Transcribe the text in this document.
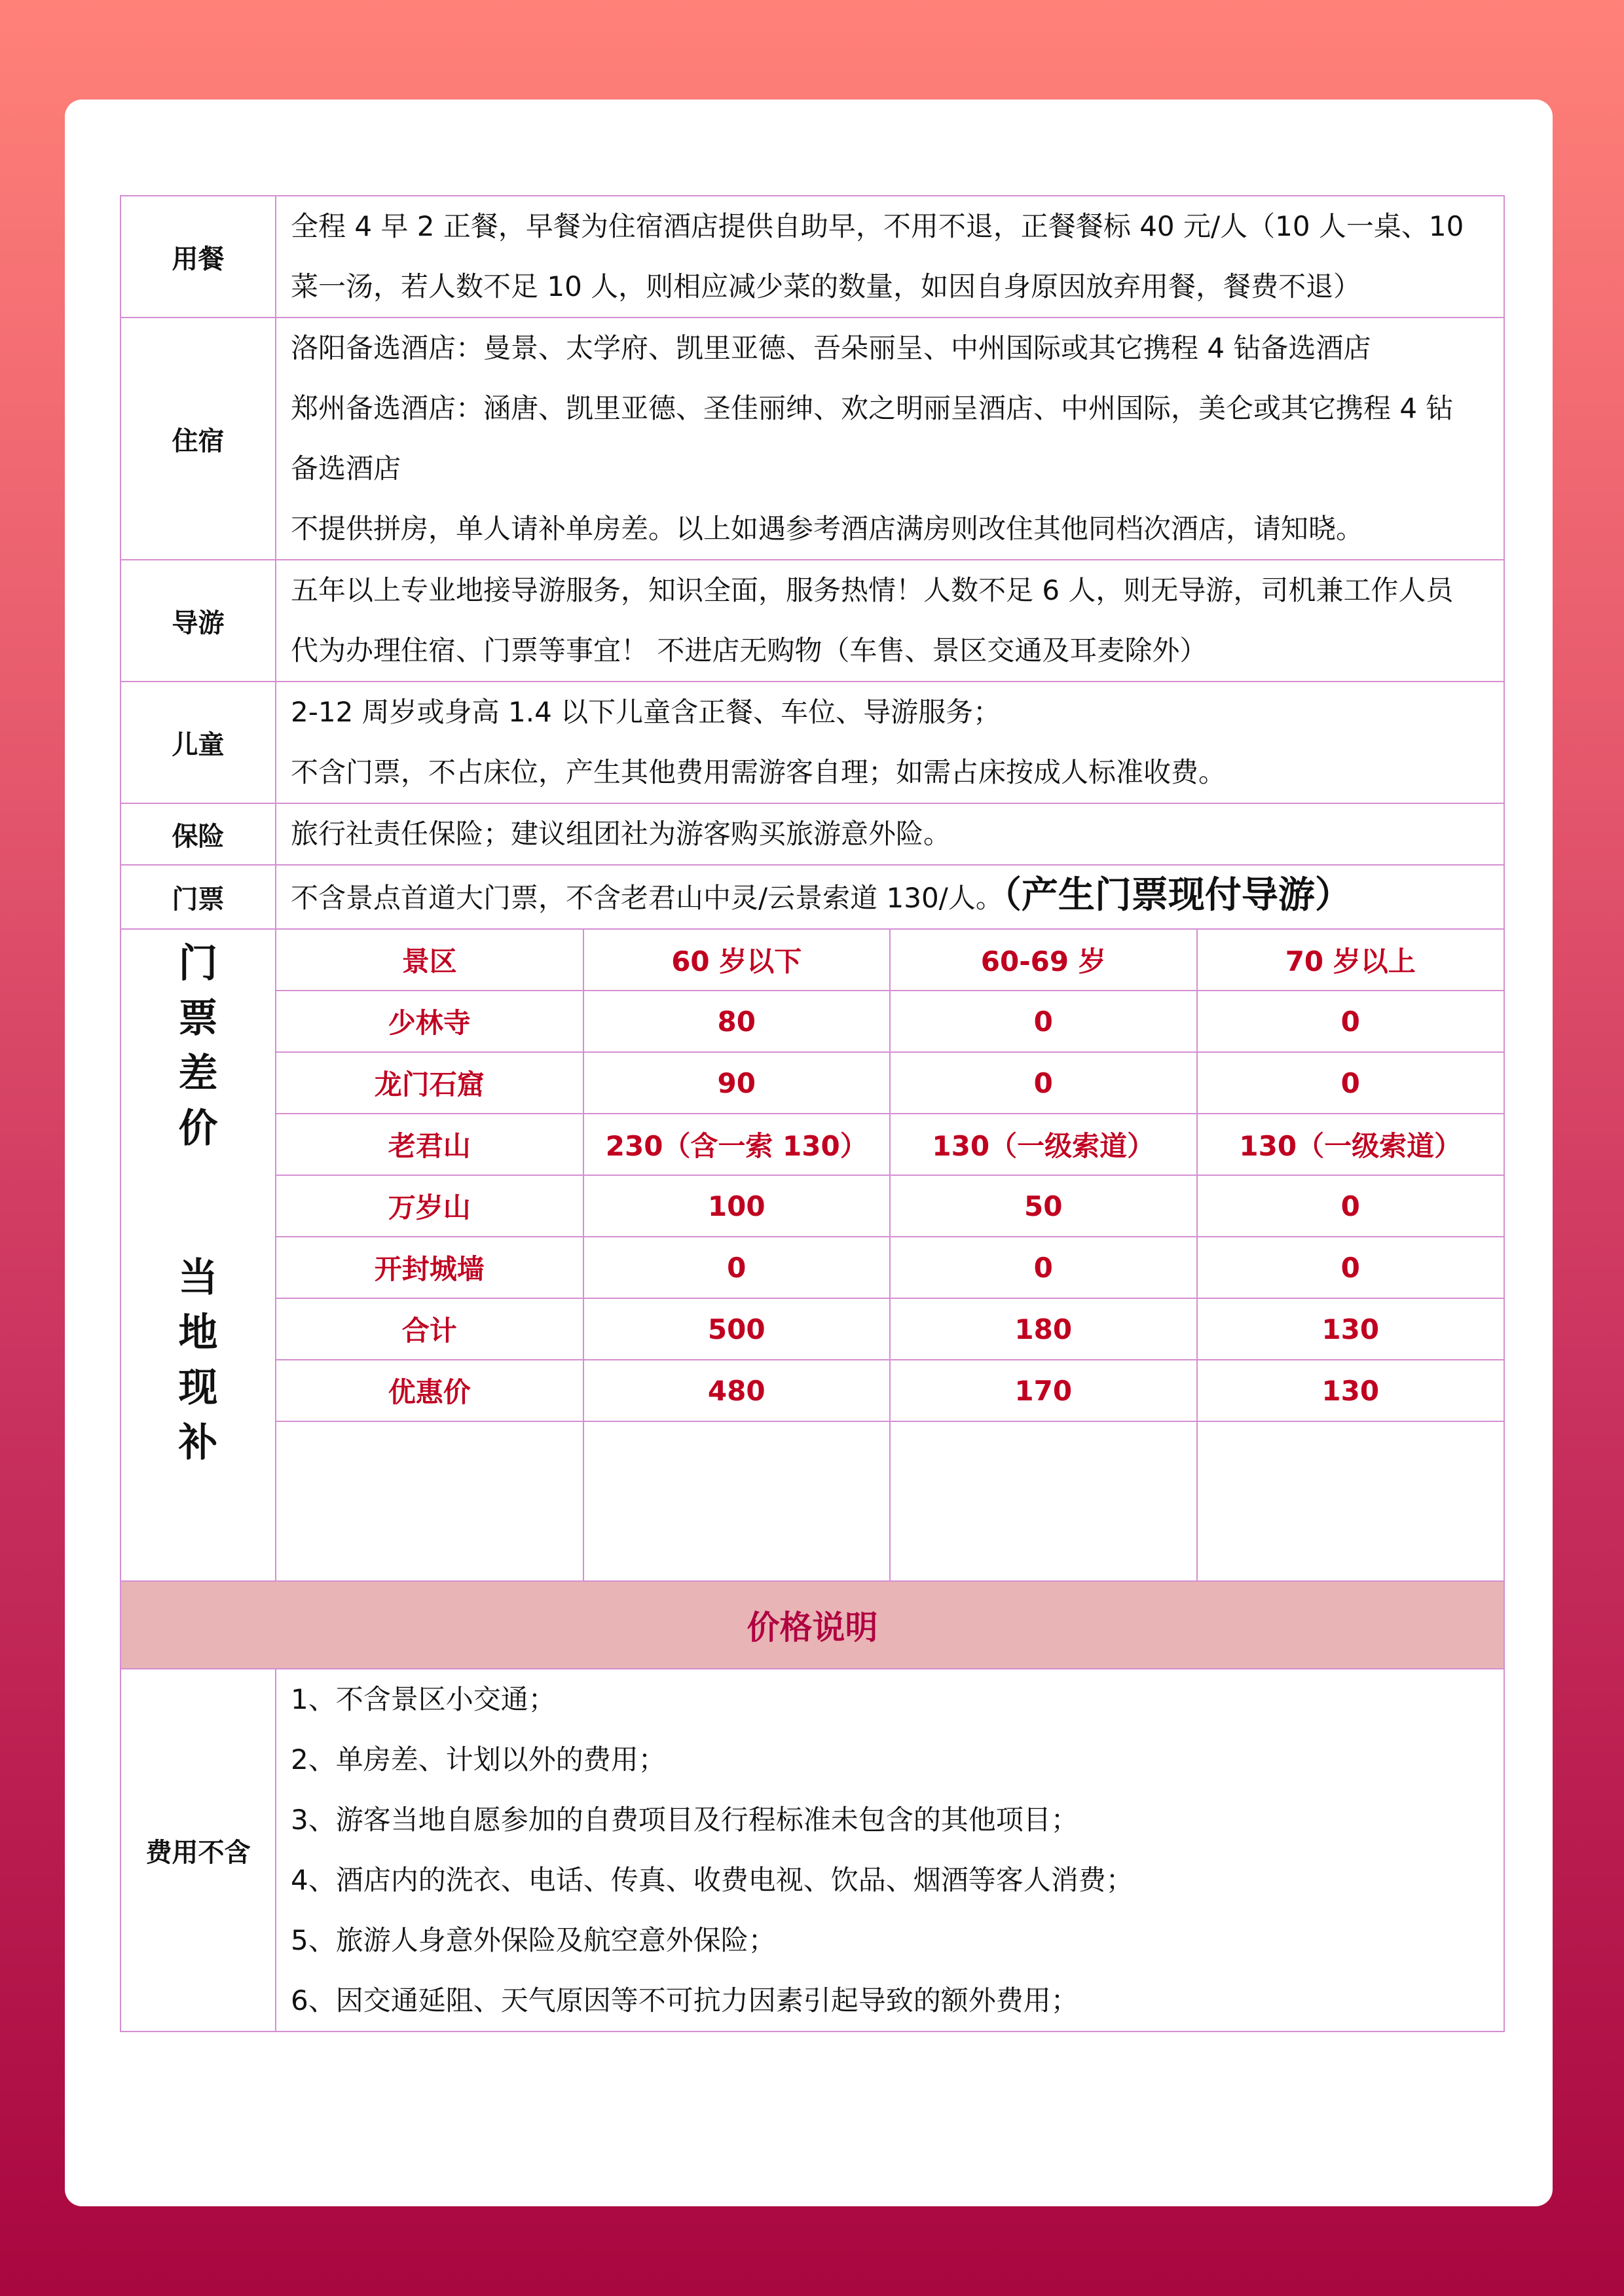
用餐	
全程 4 早 2 正餐，早餐为住宿酒店提供自助早，不用不退，正餐餐标 40 元/人（10 人一桌、10
菜一汤，若人数不足 10 人，则相应减少菜的数量，如因自身原因放弃用餐，餐费不退）

住宿	
洛阳备选酒店：曼景、太学府、凯里亚德、吾朵丽呈、中州国际或其它携程 4 钻备选酒店
郑州备选酒店：涵唐、凯里亚德、圣佳丽绅、欢之明丽呈酒店、中州国际，美仑或其它携程 4 钻
备选酒店
不提供拼房，单人请补单房差。以上如遇参考酒店满房则改住其他同档次酒店，请知晓。

导游	
五年以上专业地接导游服务，知识全面，服务热情！人数不足 6 人，则无导游，司机兼工作人员
代为办理住宿、门票等事宜！ 不进店无购物（车售、景区交通及耳麦除外）

儿童	
2-12 周岁或身高 1.4 以下儿童含正餐、车位、导游服务；
不含门票，不占床位，产生其他费用需游客自理；如需占床按成人标准收费。

保险	旅行社责任保险；建议组团社为游客购买旅游意外险。

门票	不含景点首道大门票，不含老君山中灵/云景索道 130/人。（产生门票现付导游）

门
票
差
价
当
地
现
补

景区	60 岁以下	60-69 岁	70 岁以上
少林寺	80	0	0
龙门石窟	90	0	0
老君山	230（含一索 130）	130（一级索道）	130（一级索道）
万岁山	100	50	0
开封城墙	0	0	0
合计	500	180	130
优惠价	480	170	130

价格说明
费用不含	
1、不含景区小交通；
2、单房差、计划以外的费用；
3、游客当地自愿参加的自费项目及行程标准未包含的其他项目；
4、酒店内的洗衣、电话、传真、收费电视、饮品、烟酒等客人消费；
5、旅游人身意外保险及航空意外保险；
6、因交通延阻、天气原因等不可抗力因素引起导致的额外费用；
